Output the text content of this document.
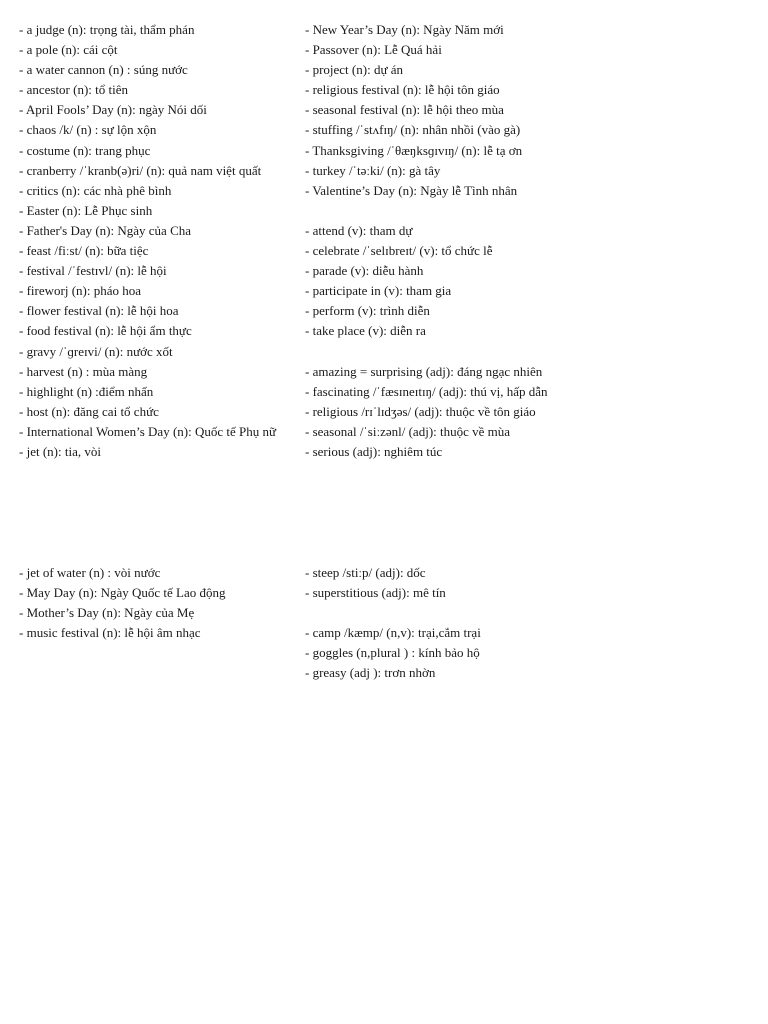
- a judge (n): trọng tài, thẩm phán
- a pole (n): cái cột
- a water cannon (n) : súng nước
- ancestor (n): tổ tiên
- April Fools’ Day (n): ngày Nói dối
- chaos /k/ (n) : sự lộn xộn
- costume (n): trang phục
- cranberry /ˈkranb(ə)ri/ (n): quả nam việt quất
- critics (n): các nhà phê bình
- Easter (n): Lễ Phục sinh
- Father's Day (n): Ngày của Cha
- feast /fiːst/ (n): bữa tiệc
- festival /ˈfestɪvl/ (n): lễ hội
- fireworj (n): pháo hoa
- flower festival (n): lễ hội hoa
- food festival (n): lễ hội ẩm thực
- gravy /ˈɡreɪvi/ (n): nước xốt
- harvest (n) : mùa màng
- highlight (n) :điểm nhấn
- host (n): đăng cai tổ chức
- International Women’s Day (n): Quốc tế Phụ nữ
- jet (n): tia, vòi
- New Year’s Day (n): Ngày Năm mới
- Passover (n): Lễ Quá hải
- project (n): dự án
- religious festival (n): lễ hội tôn giáo
- seasonal festival (n): lễ hội theo mùa
- stuffing /ˈstʌfɪŋ/ (n): nhân nhồi (vào gà)
- Thanksgiving /ˈθæŋksɡɪvɪŋ/ (n): lễ tạ ơn
- turkey /ˈtəːki/ (n): gà tây
- Valentine’s Day (n): Ngày lễ Tình nhân
- attend (v): tham dự
- celebrate /ˈselɪbreɪt/ (v): tổ chức lễ
- parade (v): diễu hành
- participate in (v): tham gia
- perform (v): trình diễn
- take place (v): diễn ra
- amazing = surprising (adj): đáng ngạc nhiên
- fascinating /ˈfæsɪneɪtɪŋ/ (adj): thú vị, hấp dẫn
- religious /rɪˈlɪdʒəs/ (adj): thuộc về tôn giáo
- seasonal /ˈsiːzənl/ (adj): thuộc về mùa
- serious (adj): nghiêm túc
- jet of water (n) : vòi nước
- May Day (n): Ngày Quốc tế Lao động
- Mother’s Day (n): Ngày của Mẹ
- music festival (n): lễ hội âm nhạc
- steep /stiːp/ (adj): dốc
- superstitious (adj): mê tín
- camp /kæmp/ (n,v): trại,cắm trại
- goggles (n,plural ) : kính bảo hộ
- greasy (adj ): trơn nhờn
